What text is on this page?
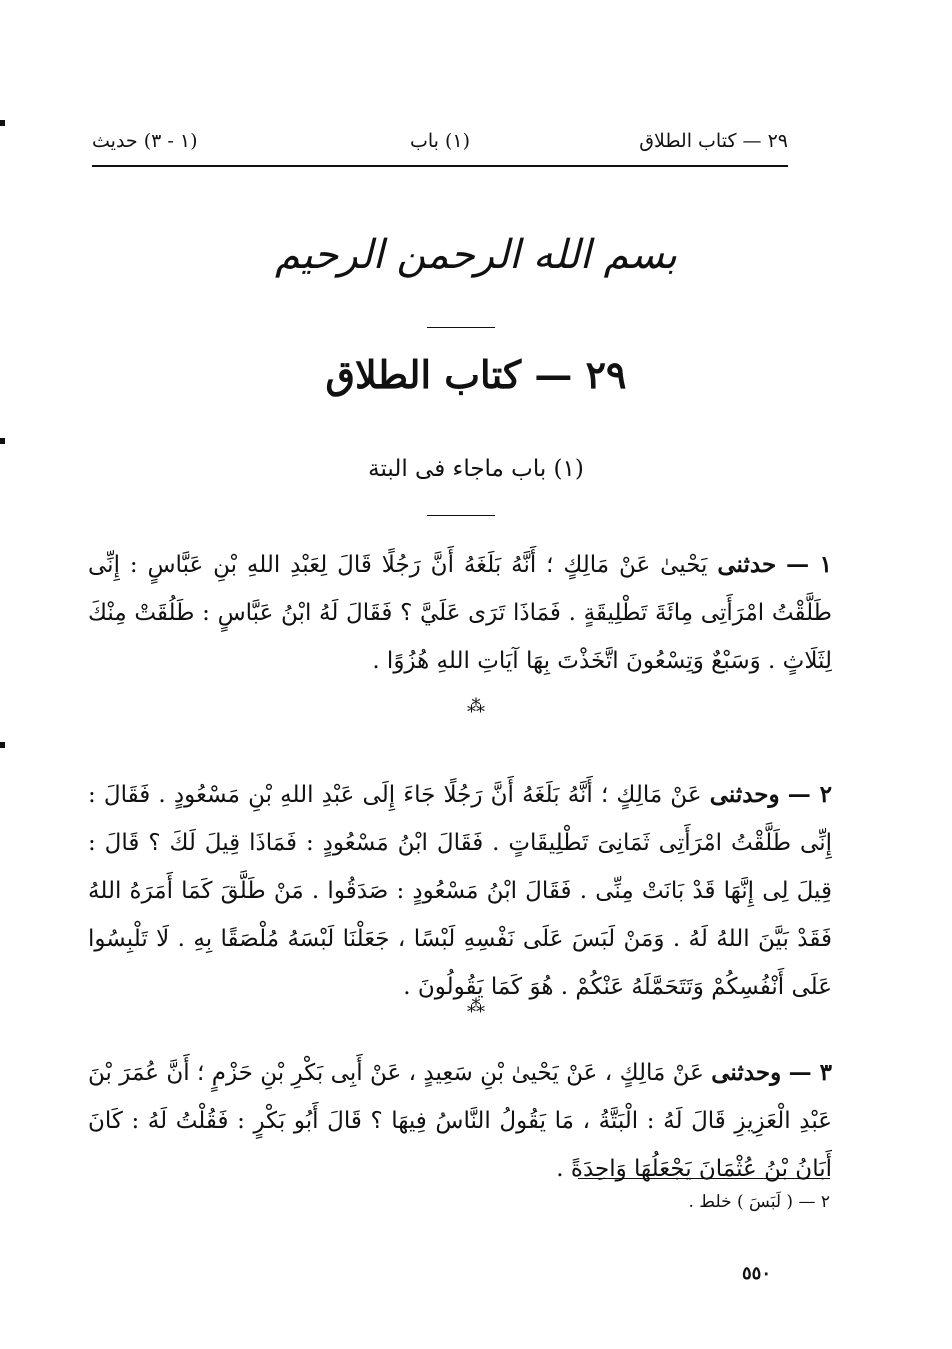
٢٩ — كتاب الطلاق
(١) باب
(١ - ٣) حديث
بسم الله الرحمن الرحيم
٢٩ — كتاب الطلاق
(١) باب ماجاء فى البتة
١ — حدثنى يَحْيىٰ عَنْ مَالِكٍ ؛ أَنَّهُ بَلَغَهُ أَنَّ رَجُلًا قَالَ لِعَبْدِ اللهِ بْنِ عَبَّاسٍ : إِنِّى طَلَّقْتُ امْرَأَتِى مِائَةَ تَطْلِيقَةٍ . فَمَاذَا تَرَى عَلَيَّ ؟ فَقَالَ لَهُ ابْنُ عَبَّاسٍ : طَلُقَتْ مِنْكَ لِثَلَاثٍ . وَسَبْعٌ وَتِسْعُونَ اتَّخَذْتَ بِهَا آيَاتِ اللهِ هُزُوًا .
⁂
٢ — وحدثنى عَنْ مَالِكٍ ؛ أَنَّهُ بَلَغَهُ أَنَّ رَجُلًا جَاءَ إِلَى عَبْدِ اللهِ بْنِ مَسْعُودٍ . فَقَالَ : إِنِّى طَلَّقْتُ امْرَأَتِى ثَمَانِىَ تَطْلِيقَاتٍ . فَقَالَ ابْنُ مَسْعُودٍ : فَمَاذَا قِيلَ لَكَ ؟ قَالَ : قِيلَ لِى إِنَّهَا قَدْ بَانَتْ مِنِّى . فَقَالَ ابْنُ مَسْعُودٍ : صَدَقُوا . مَنْ طَلَّقَ كَمَا أَمَرَهُ اللهُ فَقَدْ بَيَّنَ اللهُ لَهُ . وَمَنْ لَبَسَ عَلَى نَفْسِهِ لَبْسًا ، جَعَلْنَا لَبْسَهُ مُلْصَقًا بِهِ . لَا تَلْبِسُوا عَلَى أَنْفُسِكُمْ وَتَتَحَمَّلَهُ عَنْكُمْ . هُوَ كَمَا يَقُولُونَ .
⁂
٣ — وحدثنى عَنْ مَالِكٍ ، عَنْ يَحْيىٰ بْنِ سَعِيدٍ ، عَنْ أَبِى بَكْرِ بْنِ حَزْمٍ ؛ أَنَّ عُمَرَ بْنَ عَبْدِ الْعَزِيزِ قَالَ لَهُ : الْبَتَّةُ ، مَا يَقُولُ النَّاسُ فِيهَا ؟ قَالَ أَبُو بَكْرٍ : فَقُلْتُ لَهُ : كَانَ أَبَانُ بْنُ عُثْمَانَ يَجْعَلُهَا وَاحِدَةً .
٢ — ( لَبَسَ ) خلط .
٥٥٠
